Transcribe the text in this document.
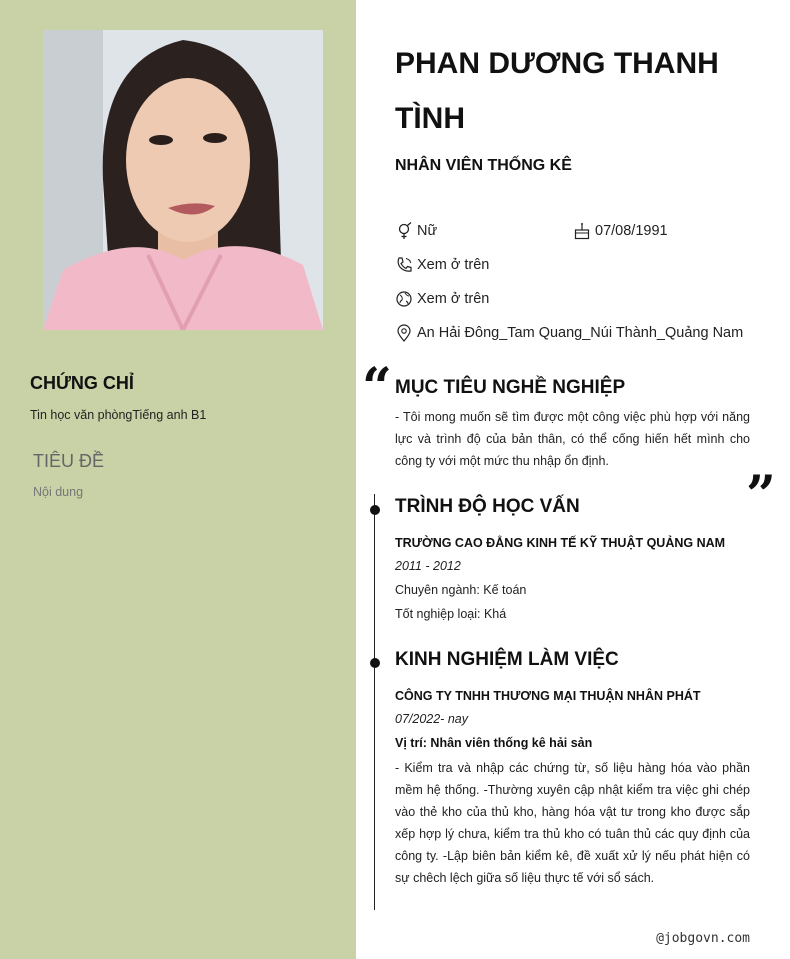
CHỨNG CHỈ
Tin học văn phòngTiếng anh B1
TIÊU ĐỀ
Nội dung
PHAN DƯƠNG THANH TÌNH
NHÂN VIÊN THỐNG KÊ
Nữ	07/08/1991
Xem ở trên
Xem ở trên
An Hải Đông_Tam Quang_Núi Thành_Quảng Nam
“ MỤC TIÊU NGHỀ NGHIỆP
- Tôi mong muốn sẽ tìm được một công việc phù hợp với năng lực và trình độ của bản thân, có thể cống hiến hết mình cho công ty với một mức thu nhập ổn định.
”
TRÌNH ĐỘ HỌC VẤN
TRƯỜNG CAO ĐẲNG KINH TẾ KỸ THUẬT QUẢNG NAM
2011 - 2012
Chuyên ngành: Kế toán
Tốt nghiệp loại: Khá
KINH NGHIỆM LÀM VIỆC
CÔNG TY TNHH THƯƠNG MẠI THUẬN NHÂN PHÁT
07/2022- nay
Vị trí: Nhân viên thống kê hải sản
- Kiểm tra và nhập các chứng từ, số liệu hàng hóa vào phần mềm hệ thống. -Thường xuyên cập nhật kiểm tra việc ghi chép vào thẻ kho của thủ kho, hàng hóa vật tư trong kho được sắp xếp hợp lý chưa, kiểm tra thủ kho có tuân thủ các quy định của công ty. -Lập biên bản kiểm kê, đề xuất xử lý nếu phát hiện có sự chêch lệch giữa số liệu thực tế với sổ sách.
@jobgovn.com
